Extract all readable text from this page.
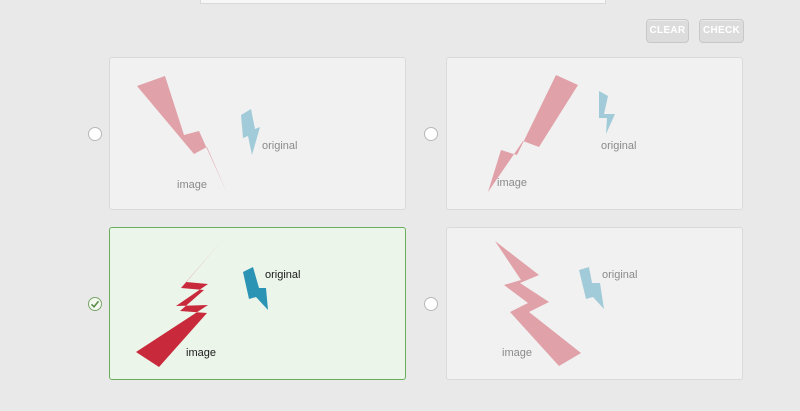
CLEAR	CHECK
image
original
image
original
image
original
image
original
